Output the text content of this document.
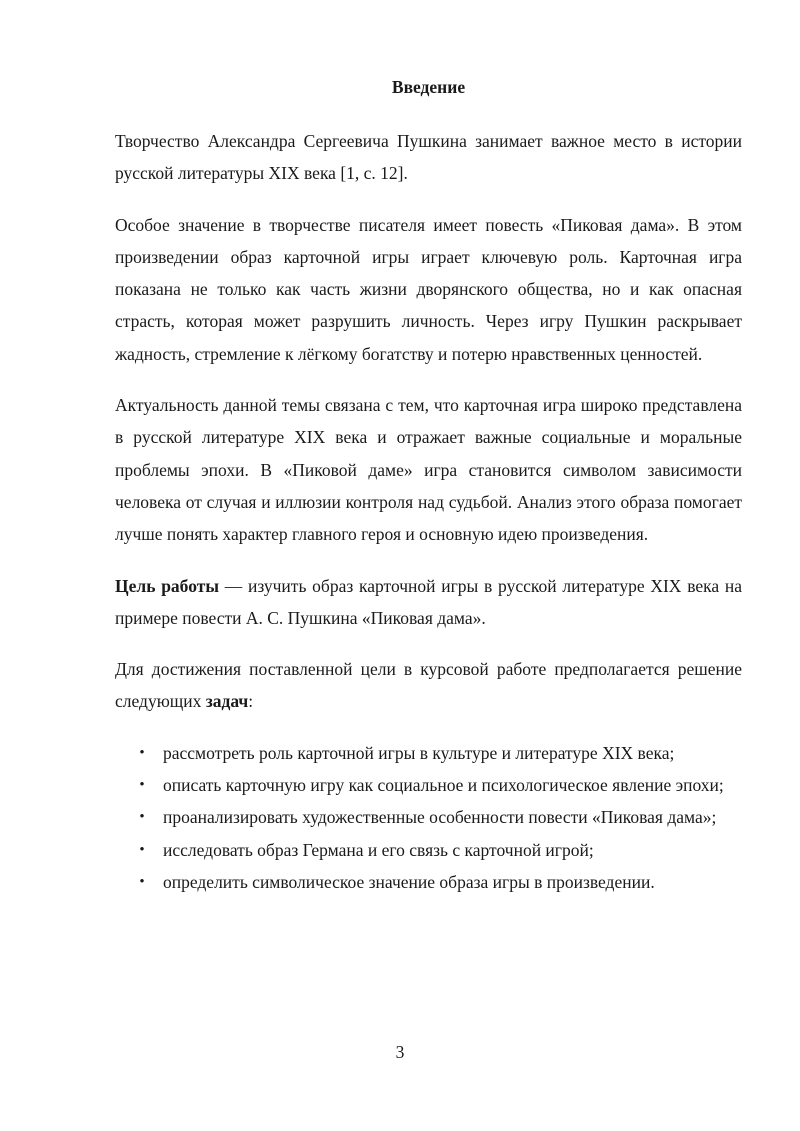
Введение

Творчество Александра Сергеевича Пушкина занимает важное место в истории русской литературы XIX века [1, с. 12].

Особое значение в творчестве писателя имеет повесть «Пиковая дама». В этом произведении образ карточной игры играет ключевую роль. Карточная игра показана не только как часть жизни дворянского общества, но и как опасная страсть, которая может разрушить личность. Через игру Пушкин раскрывает жадность, стремление к лёгкому богатству и потерю нравственных ценностей.

Актуальность данной темы связана с тем, что карточная игра широко представлена в русской литературе XIX века и отражает важные социальные и моральные проблемы эпохи. В «Пиковой даме» игра становится символом зависимости человека от случая и иллюзии контроля над судьбой. Анализ этого образа помогает лучше понять характер главного героя и основную идею произведения.

Цель работы — изучить образ карточной игры в русской литературе XIX века на примере повести А. С. Пушкина «Пиковая дама».

Для достижения поставленной цели в курсовой работе предполагается решение следующих задач:

• рассмотреть роль карточной игры в культуре и литературе XIX века;
• описать карточную игру как социальное и психологическое явление эпохи;
• проанализировать художественные особенности повести «Пиковая дама»;
• исследовать образ Германа и его связь с карточной игрой;
• определить символическое значение образа игры в произведении.
3
